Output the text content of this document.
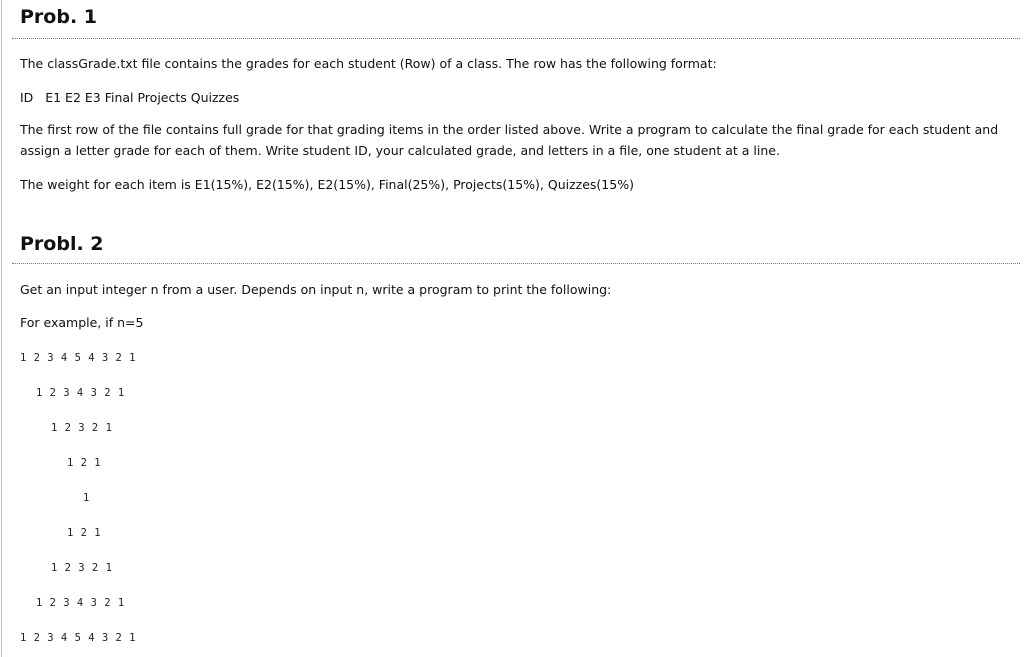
Prob. 1
The classGrade.txt file contains the grades for each student (Row) of a class. The row has the following format:
ID   E1 E2 E3 Final Projects Quizzes
The first row of the file contains full grade for that grading items in the order listed above. Write a program to calculate the final grade for each student and assign a letter grade for each of them. Write student ID, your calculated grade, and letters in a file, one student at a line.
The weight for each item is E1(15%), E2(15%), E2(15%), Final(25%), Projects(15%), Quizzes(15%)
Probl. 2
Get an input integer n from a user. Depends on input n, write a program to print the following:
For example, if n=5
1 2 3 4 5 4 3 2 1
1 2 3 4 3 2 1
1 2 3 2 1
1 2 1
1
1 2 1
1 2 3 2 1
1 2 3 4 3 2 1
1 2 3 4 5 4 3 2 1
